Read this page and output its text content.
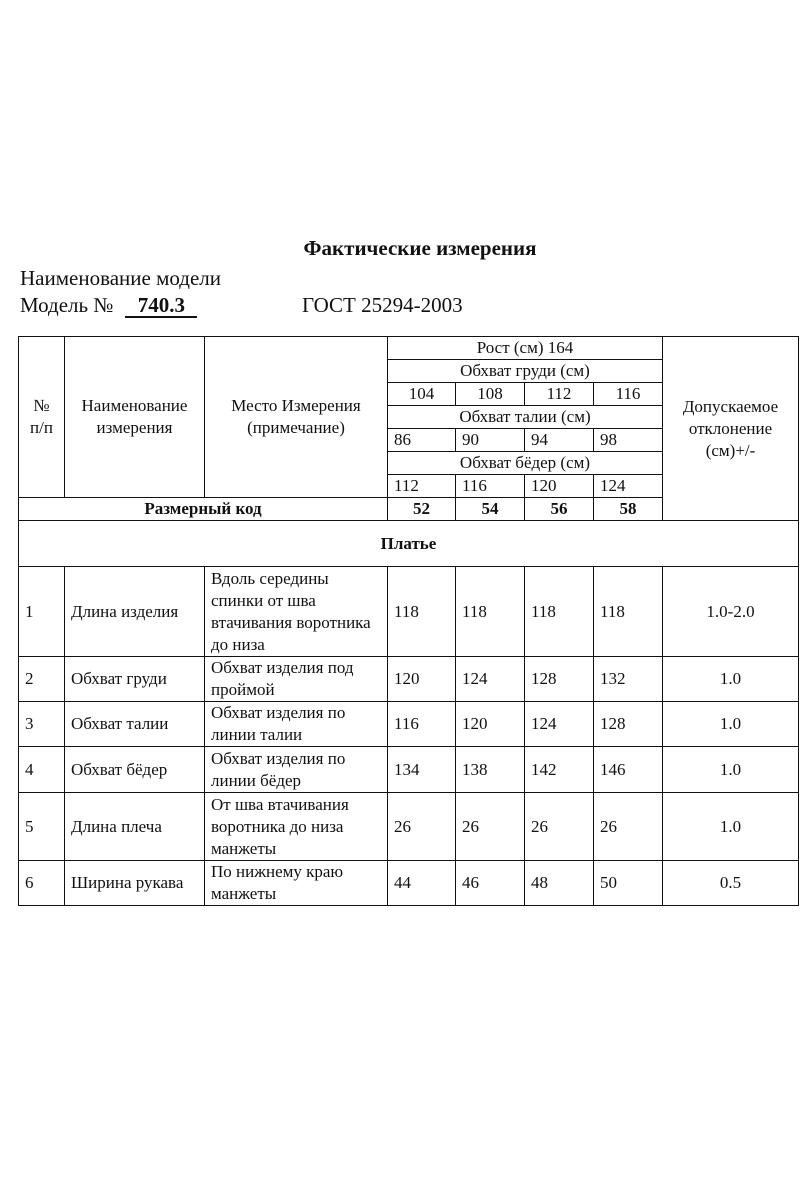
Фактические измерения
Наименование модели
Модель № 740.3	ГОСТ 25294-2003
№ п/п	Наименование измерения	Место Измерения (примечание)	Рост (см) 164				Допускаемое отклонение (см)+/-
			Обхват груди (см)				
			104	108	112	116	
			Обхват талии (см)				
			86	90	94	98	
			Обхват бёдер (см)				
			112	116	120	124	
Размерный код			52	54	56	58	
Платье							
1	Длина изделия	Вдоль середины спинки от шва втачивания воротника до низа	118	118	118	118	1.0-2.0
2	Обхват груди	Обхват изделия под проймой	120	124	128	132	1.0
3	Обхват талии	Обхват изделия по линии талии	116	120	124	128	1.0
4	Обхват бёдер	Обхват изделия по линии бёдер	134	138	142	146	1.0
5	Длина плеча	От шва втачивания воротника до низа манжеты	26	26	26	26	1.0
6	Ширина рукава	По нижнему краю манжеты	44	46	48	50	0.5
